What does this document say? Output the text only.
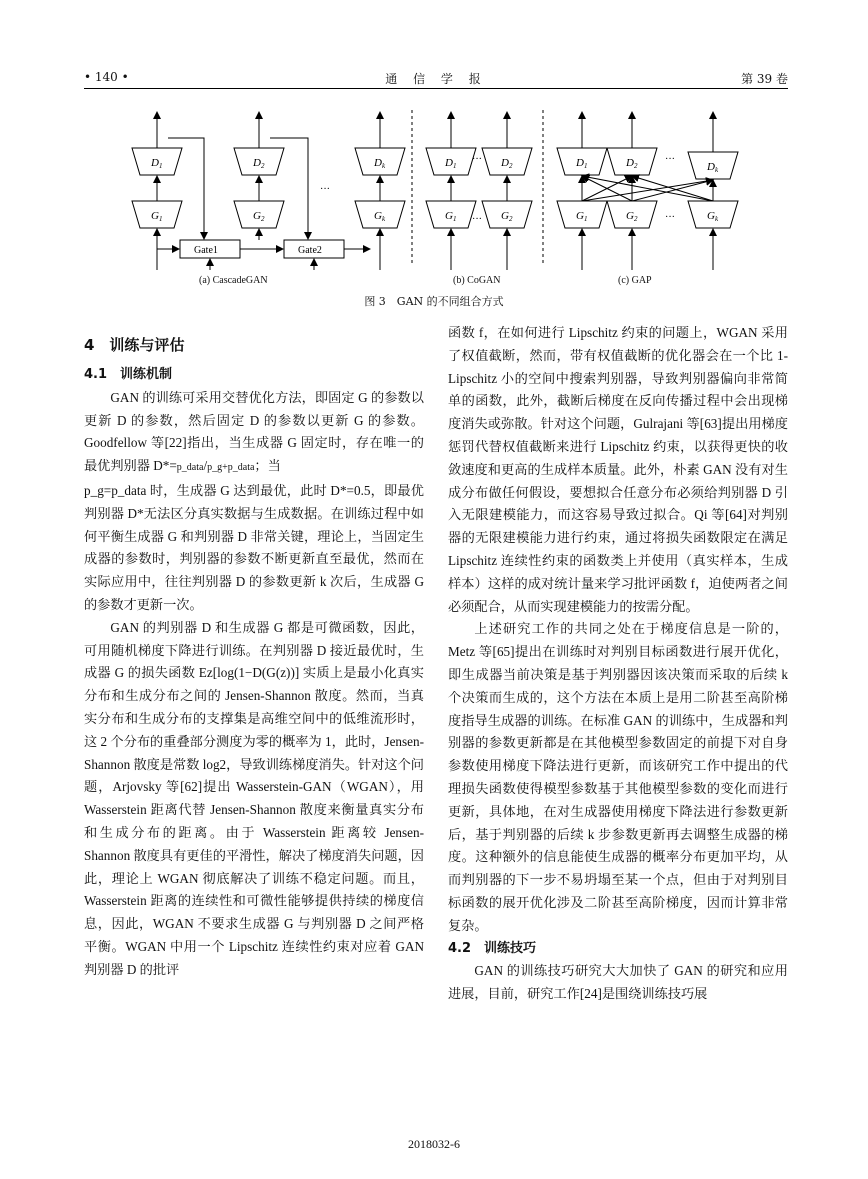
• 140 •	通 信 学 报	第 39 卷
D1
G1
D2
G2
Dk
Gk
D1	D2
G1	G2
D1	D2	Dk
G1	G2	Gk
Gate1	Gate2
···
···
···
···
···
(a) CascadeGAN	(b) CoGAN	(c) GAP
图 3　GAN 的不同组合方式
4　训练与评估
4.1　训练机制

GAN 的训练可采用交替优化方法，即固定 G 的参数以更新 D 的参数，然后固定 D 的参数以更新 G 的参数。Goodfellow 等[22]指出，当生成器 G 固定时，存在唯一的最优判别器 D*=p_data/p_g+p_data；当

p_g=p_data 时，生成器 G 达到最优，此时 D*=0.5，即最优判别器 D*无法区分真实数据与生成数据。在训练过程中如何平衡生成器 G 和判别器 D 非常关键，理论上，当固定生成器的参数时，判别器的参数不断更新直至最优，然而在实际应用中，往往判别器 D 的参数更新 k 次后，生成器 G 的参数才更新一次。

GAN 的判别器 D 和生成器 G 都是可微函数，因此，可用随机梯度下降进行训练。在判别器 D 接近最优时，生成器 G 的损失函数 Ez[log(1−D(G(z))] 实质上是最小化真实分布和生成分布之间的 Jensen-Shannon 散度。然而，当真实分布和生成分布的支撑集是高维空间中的低维流形时，这 2 个分布的重叠部分测度为零的概率为 1，此时，Jensen-Shannon 散度是常数 log2，导致训练梯度消失。针对这个问题，Arjovsky 等[62]提出 Wasserstein-GAN（WGAN），用 Wasserstein 距离代替 Jensen-Shannon 散度来衡量真实分布和生成分布的距离。由于 Wasserstein 距离较 Jensen-Shannon 散度具有更佳的平滑性，解决了梯度消失问题，因此，理论上 WGAN 彻底解决了训练不稳定问题。而且，Wasserstein 距离的连续性和可微性能够提供持续的梯度信息，因此，WGAN 不要求生成器 G 与判别器 D 之间严格平衡。WGAN 中用一个 Lipschitz 连续性约束对应着 GAN 判别器 D 的批评

函数 f，在如何进行 Lipschitz 约束的问题上，WGAN 采用了权值截断，然而，带有权值截断的优化器会在一个比 1-Lipschitz 小的空间中搜索判别器，导致判别器偏向非常简单的函数，此外，截断后梯度在反向传播过程中会出现梯度消失或弥散。针对这个问题，Gulrajani 等[63]提出用梯度惩罚代替权值截断来进行 Lipschitz 约束，以获得更快的收敛速度和更高的生成样本质量。此外，朴素 GAN 没有对生成分布做任何假设，要想拟合任意分布必须给判别器 D 引入无限建模能力，而这容易导致过拟合。Qi 等[64]对判别器的无限建模能力进行约束，通过将损失函数限定在满足 Lipschitz 连续性约束的函数类上并使用（真实样本，生成样本）这样的成对统计量来学习批评函数 f，迫使两者之间必须配合，从而实现建模能力的按需分配。

上述研究工作的共同之处在于梯度信息是一阶的，Metz 等[65]提出在训练时对判别目标函数进行展开优化，即生成器当前决策是基于判别器因该决策而采取的后续 k 个决策而生成的，这个方法在本质上是用二阶甚至高阶梯度指导生成器的训练。在标准 GAN 的训练中，生成器和判别器的参数更新都是在其他模型参数固定的前提下对自身参数使用梯度下降法进行更新，而该研究工作中提出的代理损失函数使得模型参数基于其他模型参数的变化而进行更新，具体地，在对生成器使用梯度下降法进行参数更新后，基于判别器的后续 k 步参数更新再去调整生成器的梯度。这种额外的信息能使生成器的概率分布更加平均，从而判别器的下一步不易坍塌至某一个点，但由于对判别目标函数的展开优化涉及二阶甚至高阶梯度，因而计算非常复杂。

4.2　训练技巧

GAN 的训练技巧研究大大加快了 GAN 的研究和应用进展，目前，研究工作[24]是围绕训练技巧展

2018032-6
